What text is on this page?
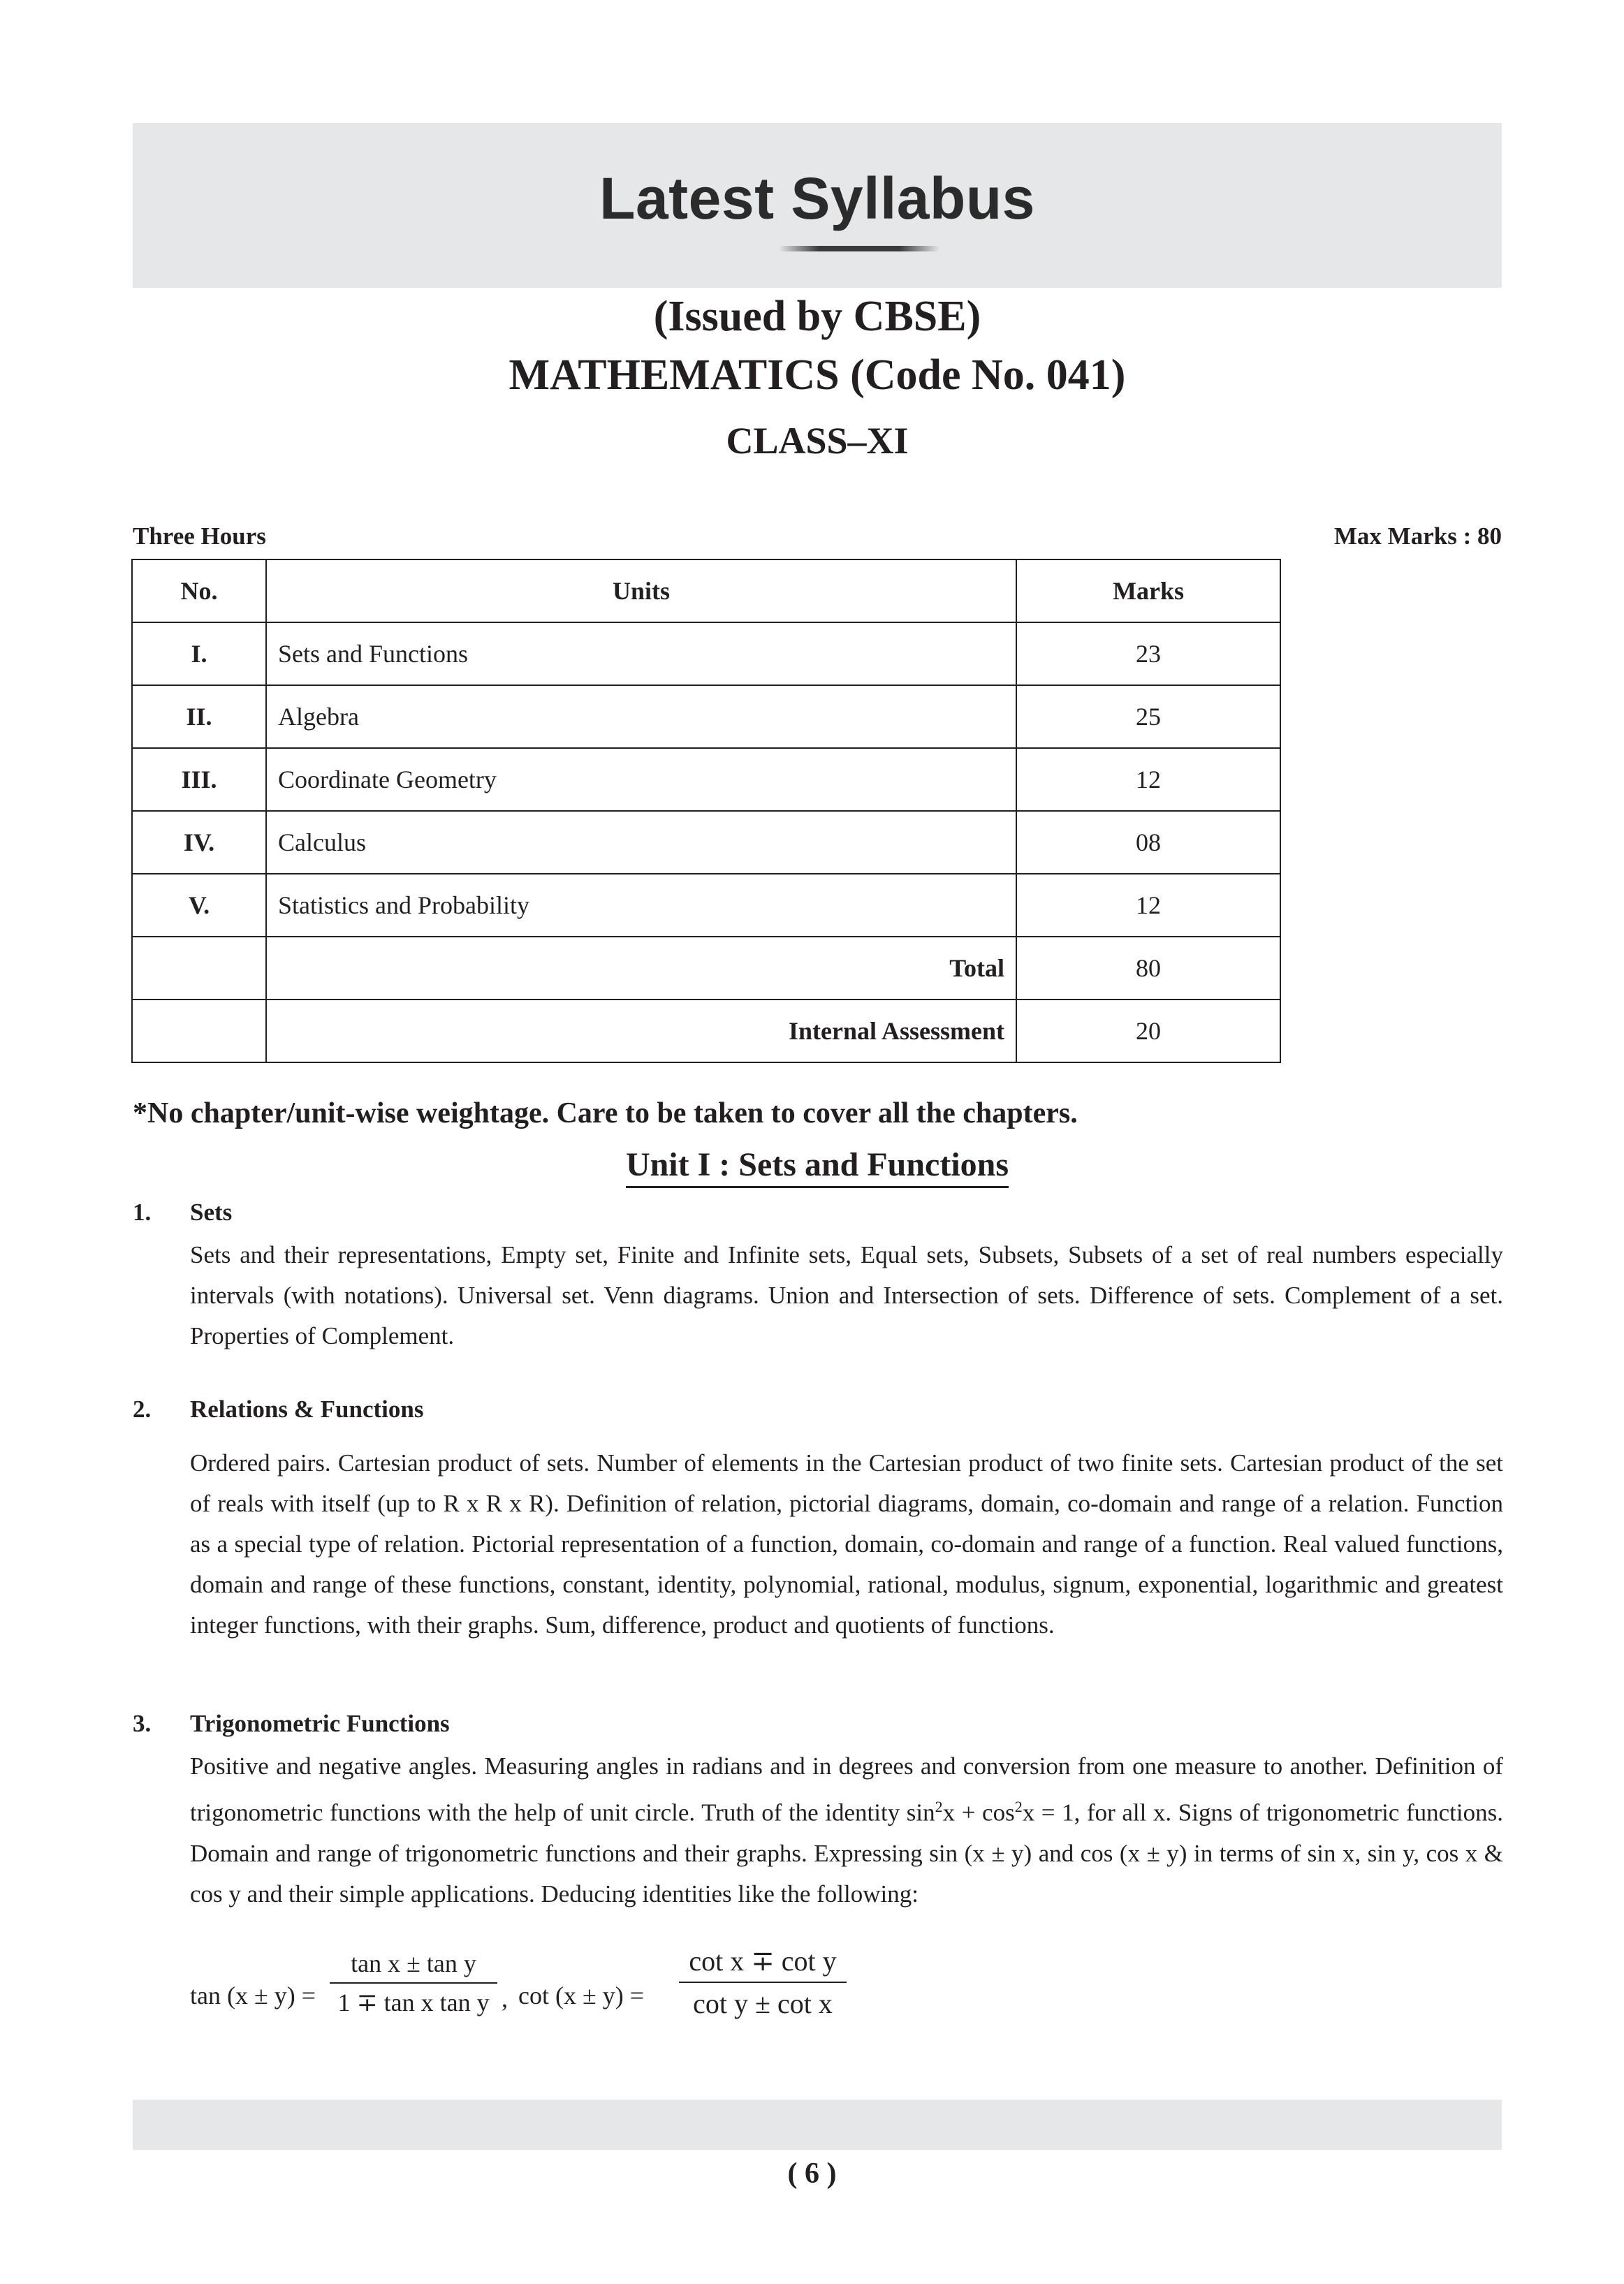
Latest Syllabus
(Issued by CBSE)
MATHEMATICS (Code No. 041)
CLASS–XI
Three Hours	Max Marks : 80
No.	Units	Marks
I.	Sets and Functions	23
II.	Algebra	25
III.	Coordinate Geometry	12
IV.	Calculus	08
V.	Statistics and Probability	12
	Total	80
	Internal Assessment	20
*No chapter/unit-wise weightage. Care to be taken to cover all the chapters.
Unit I : Sets and Functions
1. Sets
Sets and their representations, Empty set, Finite and Infinite sets, Equal sets, Subsets, Subsets of a set of real numbers especially intervals (with notations). Universal set. Venn diagrams. Union and Intersection of sets. Difference of sets. Complement of a set. Properties of Complement.
2. Relations & Functions
Ordered pairs. Cartesian product of sets. Number of elements in the Cartesian product of two finite sets. Cartesian product of the set of reals with itself (up to R x R x R). Definition of relation, pictorial diagrams, domain, co-domain and range of a relation. Function as a special type of relation. Pictorial representation of a function, domain, co-domain and range of a function. Real valued functions, domain and range of these functions, constant, identity, polynomial, rational, modulus, signum, exponential, logarithmic and greatest integer functions, with their graphs. Sum, difference, product and quotients of functions.
3. Trigonometric Functions
Positive and negative angles. Measuring angles in radians and in degrees and conversion from one measure to another. Definition of trigonometric functions with the help of unit circle. Truth of the identity $\sin^2x + \cos^2x = 1$, for all x. Signs of trigonometric functions. Domain and range of trigonometric functions and their graphs. Expressing sin (x ± y) and cos (x ± y) in terms of sin x, sin y, cos x & cos y and their simple applications. Deducing identities like the following:
tan (x ± y) =
tan x ± tan y
1 ∓ tan x tan y , cot (x ± y) =
cot x ∓ cot y
cot y ± cot x
( 6 )
